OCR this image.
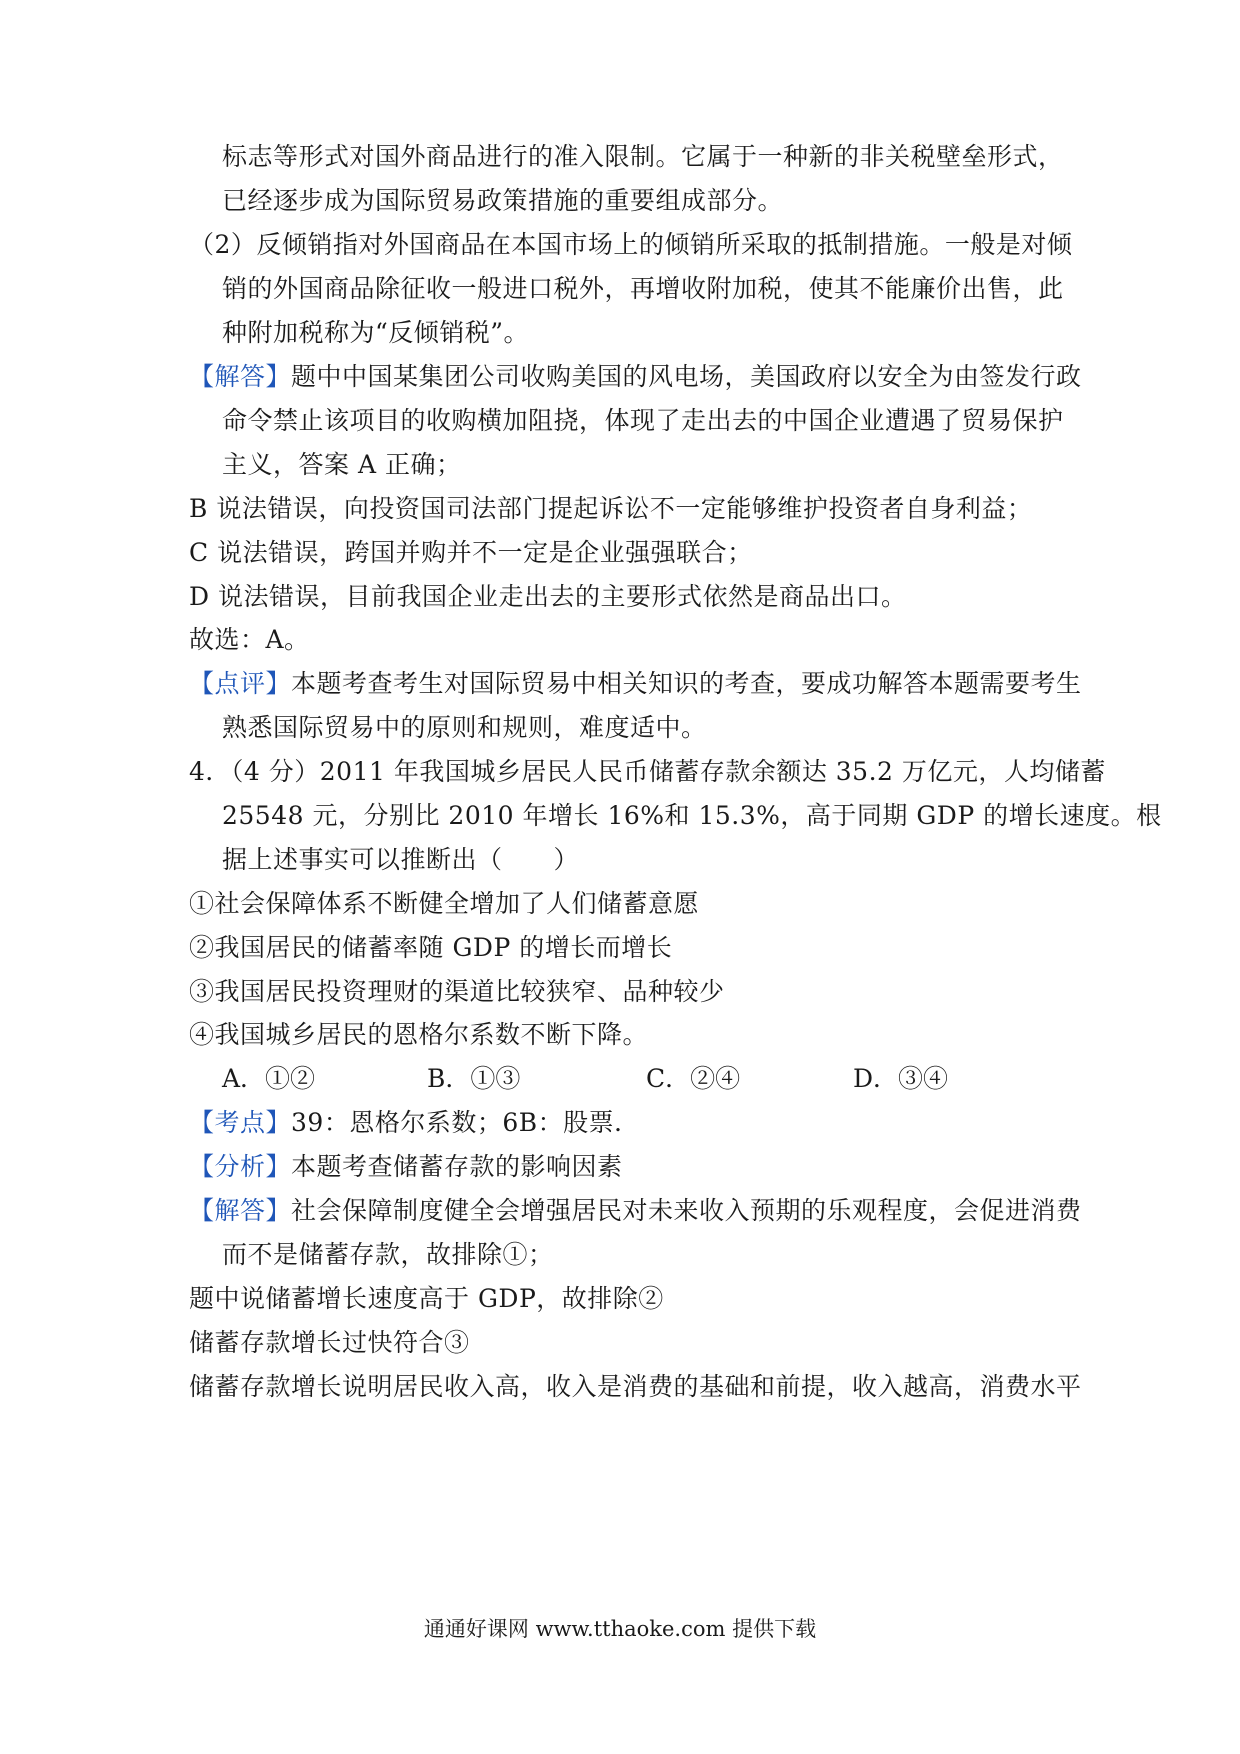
标志等形式对国外商品进行的准入限制。它属于一种新的非关税壁垒形式，
已经逐步成为国际贸易政策措施的重要组成部分。
（2）反倾销指对外国商品在本国市场上的倾销所采取的抵制措施。一般是对倾
销的外国商品除征收一般进口税外，再增收附加税，使其不能廉价出售，此
种附加税称为“反倾销税”。
【解答】题中中国某集团公司收购美国的风电场，美国政府以安全为由签发行政
命令禁止该项目的收购横加阻挠，体现了走出去的中国企业遭遇了贸易保护
主义，答案 A 正确；
B 说法错误，向投资国司法部门提起诉讼不一定能够维护投资者自身利益；
C 说法错误，跨国并购并不一定是企业强强联合；
D 说法错误，目前我国企业走出去的主要形式依然是商品出口。
故选：A。
【点评】本题考查考生对国际贸易中相关知识的考查，要成功解答本题需要考生
熟悉国际贸易中的原则和规则，难度适中。
4．（4 分）2011 年我国城乡居民人民币储蓄存款余额达 35.2 万亿元，人均储蓄
25548 元，分别比 2010 年增长 16%和 15.3%，高于同期 GDP 的增长速度。根
据上述事实可以推断出（　　）
①社会保障体系不断健全增加了人们储蓄意愿
②我国居民的储蓄率随 GDP 的增长而增长
③我国居民投资理财的渠道比较狭窄、品种较少
④我国城乡居民的恩格尔系数不断下降。
A．①②	B．①③	C．②④	D．③④
【考点】39：恩格尔系数；6B：股票．
【分析】本题考查储蓄存款的影响因素
【解答】社会保障制度健全会增强居民对未来收入预期的乐观程度，会促进消费
而不是储蓄存款，故排除①；
题中说储蓄增长速度高于 GDP，故排除②
储蓄存款增长过快符合③
储蓄存款增长说明居民收入高，收入是消费的基础和前提，收入越高，消费水平
通通好课网 www.tthaoke.com 提供下载
